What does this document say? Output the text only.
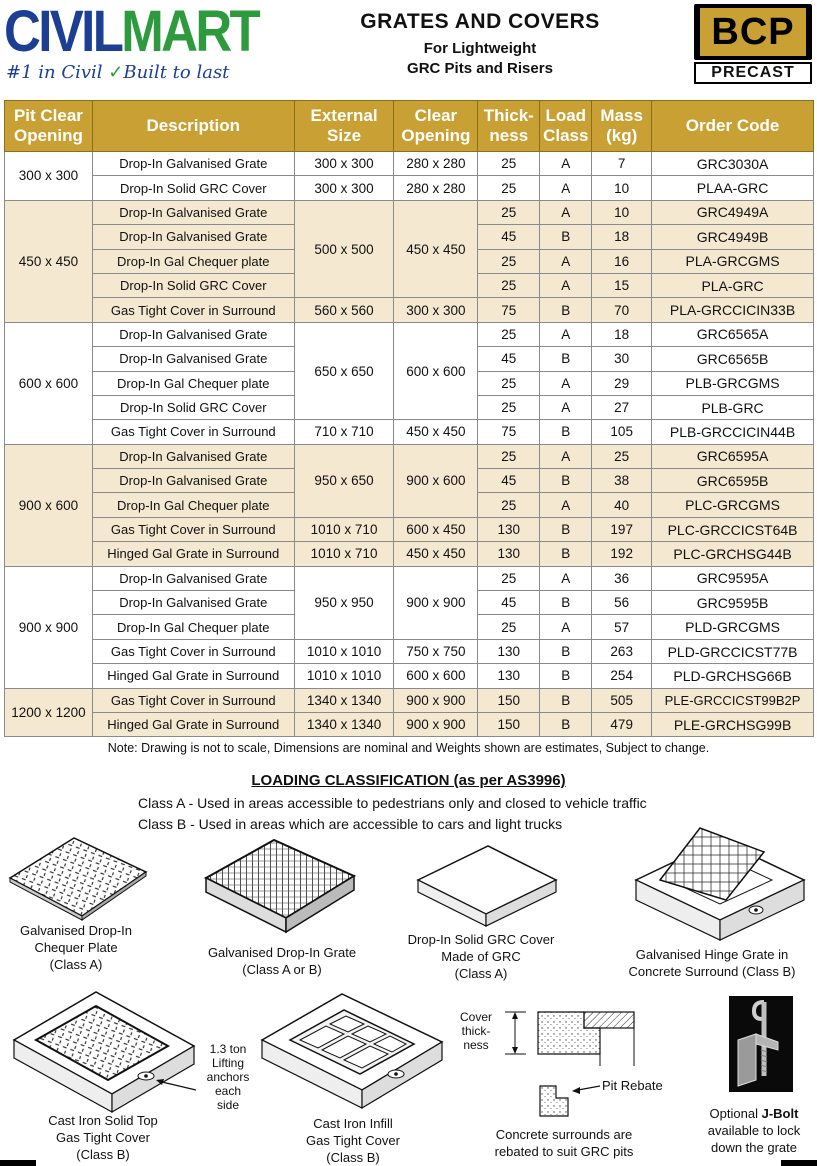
CIVILMART
#1 in Civil ✓Built to last
GRATES AND COVERS
For Lightweight
GRC Pits and Risers
BCP
PRECAST
Pit Clear Opening	Description	External Size	Clear Opening	Thick- ness	Load Class	Mass (kg)	Order Code
300 x 300	Drop-In Galvanised Grate	300 x 300	280 x 280	25	A	7	GRC3030A
	Drop-In Solid GRC Cover	300 x 300	280 x 280	25	A	10	PLAA-GRC
450 x 450	Drop-In Galvanised Grate	500 x 500	450 x 450	25	A	10	GRC4949A
	Drop-In Galvanised Grate			45	B	18	GRC4949B
	Drop-In Gal Chequer plate			25	A	16	PLA-GRCGMS
	Drop-In Solid GRC Cover			25	A	15	PLA-GRC
	Gas Tight Cover in Surround	560 x 560	300 x 300	75	B	70	PLA-GRCCICIN33B
600 x 600	Drop-In Galvanised Grate	650 x 650	600 x 600	25	A	18	GRC6565A
	Drop-In Galvanised Grate			45	B	30	GRC6565B
	Drop-In Gal Chequer plate			25	A	29	PLB-GRCGMS
	Drop-In Solid GRC Cover			25	A	27	PLB-GRC
	Gas Tight Cover in Surround	710 x 710	450 x 450	75	B	105	PLB-GRCCICIN44B
900 x 600	Drop-In Galvanised Grate	950 x 650	900 x 600	25	A	25	GRC6595A
	Drop-In Galvanised Grate			45	B	38	GRC6595B
	Drop-In Gal Chequer plate			25	A	40	PLC-GRCGMS
	Gas Tight Cover in Surround	1010 x 710	600 x 450	130	B	197	PLC-GRCCICST64B
	Hinged Gal Grate in Surround	1010 x 710	450 x 450	130	B	192	PLC-GRCHSG44B
900 x 900	Drop-In Galvanised Grate	950 x 950	900 x 900	25	A	36	GRC9595A
	Drop-In Galvanised Grate			45	B	56	GRC9595B
	Drop-In Gal Chequer plate			25	A	57	PLD-GRCGMS
	Gas Tight Cover in Surround	1010 x 1010	750 x 750	130	B	263	PLD-GRCCICST77B
	Hinged Gal Grate in Surround	1010 x 1010	600 x 600	130	B	254	PLD-GRCHSG66B
1200 x 1200	Gas Tight Cover in Surround	1340 x 1340	900 x 900	150	B	505	PLE-GRCCICST99B2P
	Hinged Gal Grate in Surround	1340 x 1340	900 x 900	150	B	479	PLE-GRCHSG99B
Note: Drawing is not to scale, Dimensions are nominal and Weights shown are estimates, Subject to change.
LOADING CLASSIFICATION (as per AS3996)
Class A - Used in areas accessible to pedestrians only and closed to vehicle traffic
Class B - Used in areas which are accessible to cars and light trucks
Galvanised Drop-In
Chequer Plate
(Class A)
Galvanised Drop-In Grate
(Class A or B)
Drop-In Solid GRC Cover
Made of GRC
(Class A)
Galvanised Hinge Grate in
Concrete Surround (Class B)
1.3 ton
Lifting
anchors
each
side
Cast Iron Solid Top
Gas Tight Cover
(Class B)
Cast Iron Infill
Gas Tight Cover
(Class B)
Cover
thick-
ness
Pit Rebate
Concrete surrounds are
rebated to suit GRC pits
Optional J-Bolt
available to lock
down the grate
